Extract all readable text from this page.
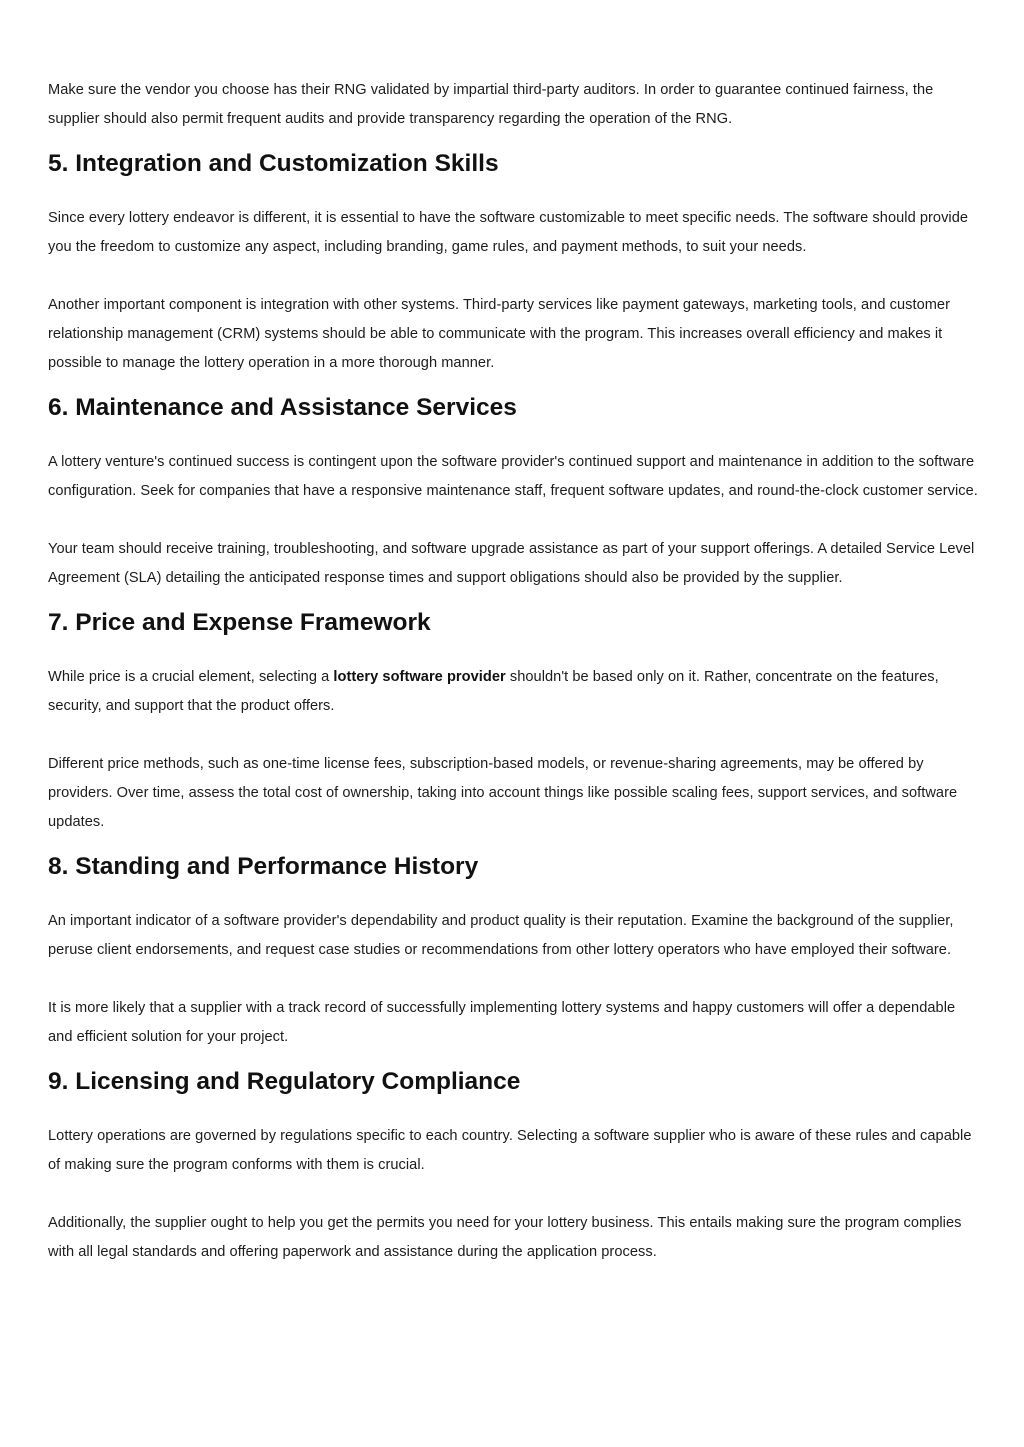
Make sure the vendor you choose has their RNG validated by impartial third-party auditors. In order to guarantee continued fairness, the supplier should also permit frequent audits and provide transparency regarding the operation of the RNG.

5. Integration and Customization Skills

Since every lottery endeavor is different, it is essential to have the software customizable to meet specific needs. The software should provide you the freedom to customize any aspect, including branding, game rules, and payment methods, to suit your needs.

Another important component is integration with other systems. Third-party services like payment gateways, marketing tools, and customer relationship management (CRM) systems should be able to communicate with the program. This increases overall efficiency and makes it possible to manage the lottery operation in a more thorough manner.

6. Maintenance and Assistance Services

A lottery venture's continued success is contingent upon the software provider's continued support and maintenance in addition to the software configuration. Seek for companies that have a responsive maintenance staff, frequent software updates, and round-the-clock customer service.

Your team should receive training, troubleshooting, and software upgrade assistance as part of your support offerings. A detailed Service Level Agreement (SLA) detailing the anticipated response times and support obligations should also be provided by the supplier.

7. Price and Expense Framework

While price is a crucial element, selecting a lottery software provider shouldn't be based only on it. Rather, concentrate on the features, security, and support that the product offers.

Different price methods, such as one-time license fees, subscription-based models, or revenue-sharing agreements, may be offered by providers. Over time, assess the total cost of ownership, taking into account things like possible scaling fees, support services, and software updates.

8. Standing and Performance History

An important indicator of a software provider's dependability and product quality is their reputation. Examine the background of the supplier, peruse client endorsements, and request case studies or recommendations from other lottery operators who have employed their software.

It is more likely that a supplier with a track record of successfully implementing lottery systems and happy customers will offer a dependable and efficient solution for your project.

9. Licensing and Regulatory Compliance

Lottery operations are governed by regulations specific to each country. Selecting a software supplier who is aware of these rules and capable of making sure the program conforms with them is crucial.

Additionally, the supplier ought to help you get the permits you need for your lottery business. This entails making sure the program complies with all legal standards and offering paperwork and assistance during the application process.
